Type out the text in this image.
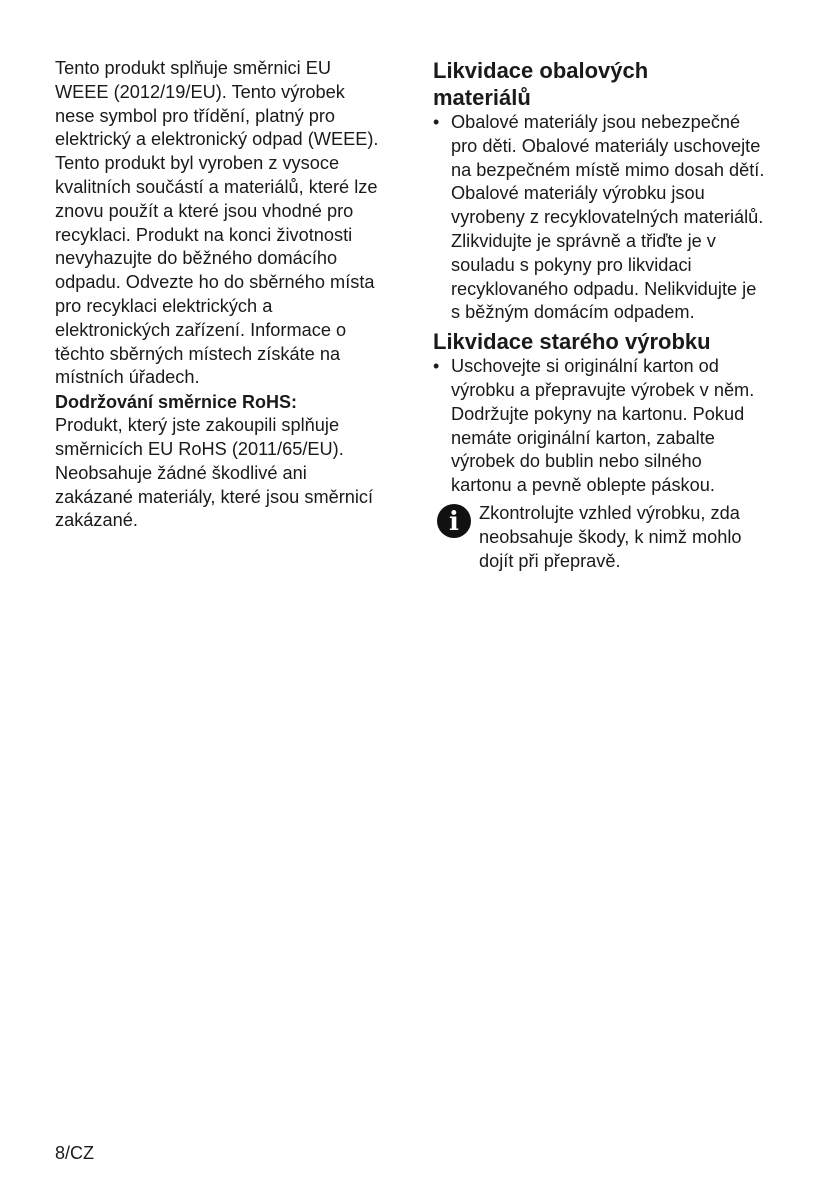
Tento produkt splňuje směrnici EU
WEEE (2012/19/EU). Tento výrobek
nese symbol pro třídění, platný pro
elektrický a elektronický odpad (WEEE).
Tento produkt byl vyroben z vysoce
kvalitních součástí a materiálů, které lze
znovu použít a které jsou vhodné pro
recyklaci. Produkt na konci životnosti
nevyhazujte do běžného domácího
odpadu. Odvezte ho do sběrného místa
pro recyklaci elektrických a
elektronických zařízení. Informace o
těchto sběrných místech získáte na
místních úřadech.
Dodržování směrnice RoHS:
Produkt, který jste zakoupili splňuje
směrnicích EU RoHS (2011/65/EU).
Neobsahuje žádné škodlivé ani
zakázané materiály, které jsou směrnicí
zakázané.
Likvidace obalových
materiálů
• Obalové materiály jsou nebezpečné
pro děti. Obalové materiály uschovejte
na bezpečném místě mimo dosah dětí.
Obalové materiály výrobku jsou
vyrobeny z recyklovatelných materiálů.
Zlikvidujte je správně a třiďte je v
souladu s pokyny pro likvidaci
recyklovaného odpadu. Nelikvidujte je
s běžným domácím odpadem.
Likvidace starého výrobku
• Uschovejte si originální karton od
výrobku a přepravujte výrobek v něm.
Dodržujte pokyny na kartonu. Pokud
nemáte originální karton, zabalte
výrobek do bublin nebo silného
kartonu a pevně oblepte páskou.
i Zkontrolujte vzhled výrobku, zda
neobsahuje škody, k nimž mohlo
dojít při přepravě.
8/CZ
